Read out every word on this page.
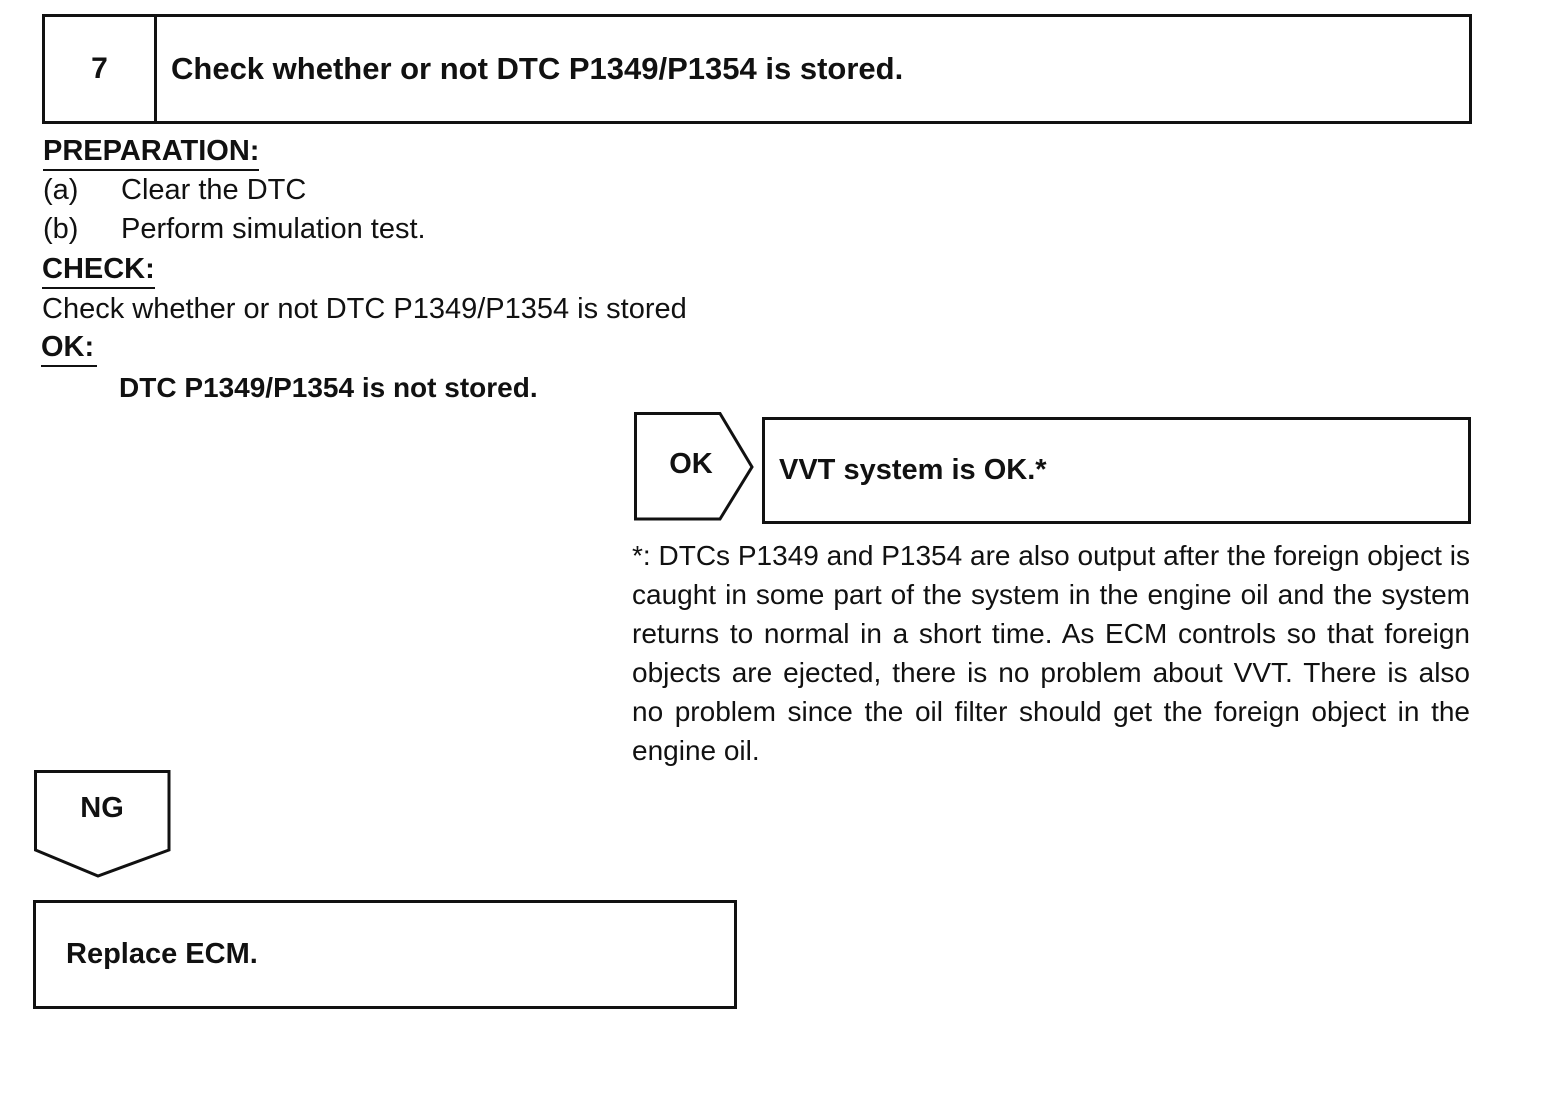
7	Check whether or not DTC P1349/P1354 is stored.
PREPARATION:
(a) Clear the DTC
(b) Perform simulation test.
CHECK:
Check whether or not DTC P1349/P1354 is stored
OK:
DTC P1349/P1354 is not stored.
OK	VVT system is OK.*
*: DTCs P1349 and P1354 are also output after the foreign object is caught in some part of the system in the engine oil and the system returns to normal in a short time. As ECM controls so that foreign objects are ejected, there is no problem about VVT. There is also no problem since the oil filter should get the foreign object in the engine oil.
NG
Replace ECM.
